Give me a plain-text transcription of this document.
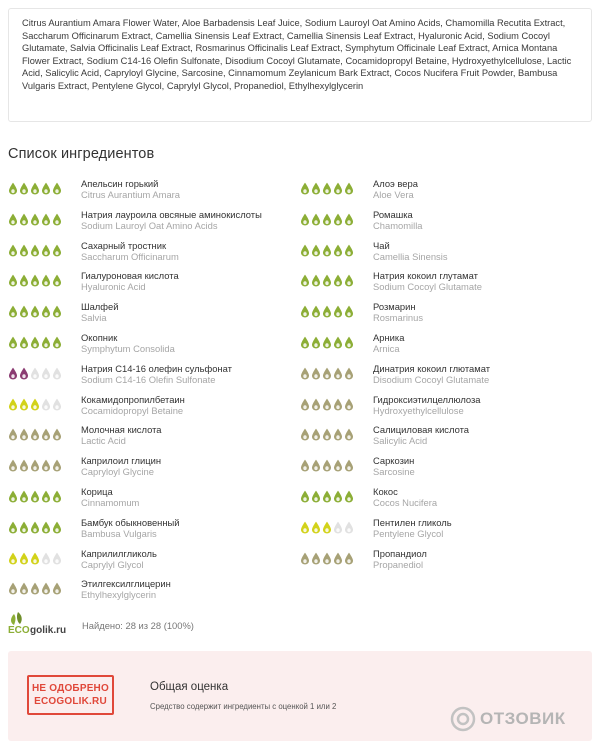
Citrus Aurantium Amara Flower Water, Aloe Barbadensis Leaf Juice, Sodium Lauroyl Oat Amino Acids, Chamomilla Recutita Extract, Saccharum Officinarum Extract, Camellia Sinensis Leaf Extract, Camellia Sinensis Leaf Extract, Hyaluronic Acid, Sodium Cocoyl Glutamate, Salvia Officinalis Leaf Extract, Rosmarinus Officinalis Leaf Extract, Symphytum Officinale Leaf Extract, Arnica Montana Flower Extract, Sodium C14-16 Olefin Sulfonate, Disodium Cocoyl Glutamate, Cocamidopropyl Betaine, Hydroxyethylcellulose, Lactic Acid, Salicylic Acid, Capryloyl Glycine, Sarcosine, Cinnamomum Zeylanicum Bark Extract, Cocos Nucifera Fruit Powder, Bambusa Vulgaris Extract, Pentylene Glycol, Caprylyl Glycol, Propanediol, Ethylhexylglycerin
Список ингредиентов
Апельсин горький
Citrus Aurantium Amara
Алоэ вера
Aloe Vera
Натрия лауроила овсяные аминокислоты
Sodium Lauroyl Oat Amino Acids
Ромашка
Chamomilla
Сахарный тростник
Saccharum Officinarum
Чай
Camellia Sinensis
Гиалуроновая кислота
Hyaluronic Acid
Натрия кокоил глутамат
Sodium Cocoyl Glutamate
Шалфей
Salvia
Розмарин
Rosmarinus
Окопник
Symphytum Consolida
Арника
Arnica
Натрия С14-16 олефин сульфонат
Sodium C14-16 Olefin Sulfonate
Динатрия кокоил глютамат
Disodium Cocoyl Glutamate
Кокамидопропилбетаин
Cocamidopropyl Betaine
Гидроксиэтилцеллюлоза
Hydroxyethylcellulose
Молочная кислота
Lactic Acid
Салициловая кислота
Salicylic Acid
Каприлоил глицин
Capryloyl Glycine
Саркозин
Sarcosine
Корица
Cinnamomum
Кокос
Cocos Nucifera
Бамбук обыкновенный
Bambusa Vulgaris
Пентилен гликоль
Pentylene Glycol
Каприлилгликоль
Caprylyl Glycol
Пропандиол
Propanediol
Этилгексилглицерин
Ethylhexylglycerin
ECO golik.ru Найдено: 28 из 28 (100%)
НЕ ОДОБРЕНО
ECOGOLIK.RU
Общая оценка
Средство содержит ингредиенты с оценкой 1 или 2
ОТЗОВИК
